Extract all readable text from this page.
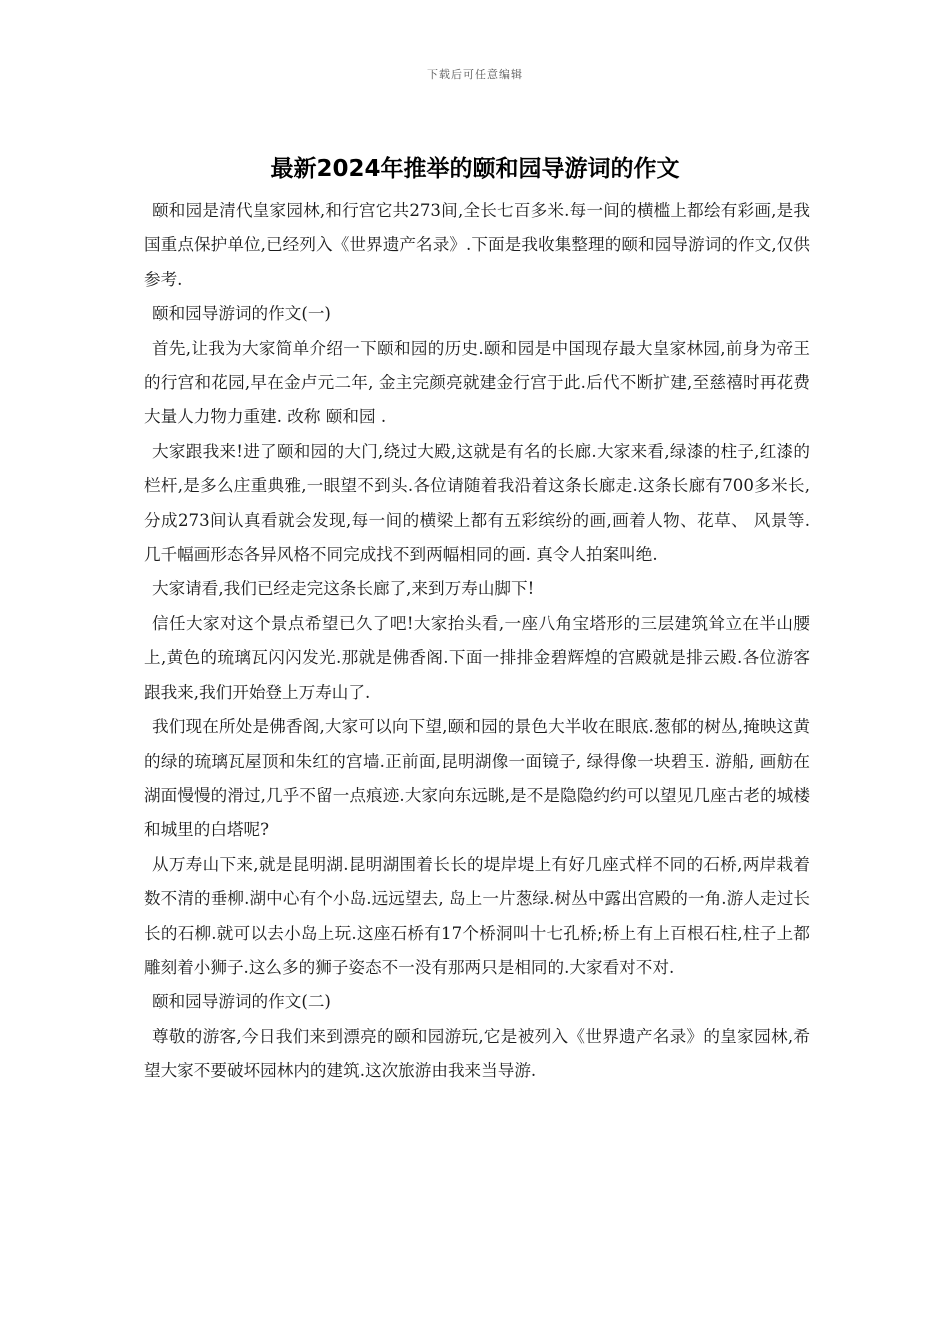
下载后可任意编辑
最新2024年推举的颐和园导游词的作文

颐和园是清代皇家园林,和行宫它共273间,全长七百多米.每一间的横槛上都绘有彩画,是我国重点保护单位,已经列入《世界遗产名录》.下面是我收集整理的颐和园导游词的作文,仅供参考.

颐和园导游词的作文(一)

首先,让我为大家简单介绍一下颐和园的历史.颐和园是中国现存最大皇家林园,前身为帝王的行宫和花园,早在金卢元二年, 金主完颜亮就建金行宫于此.后代不断扩建,至慈禧时再花费大量人力物力重建. 改称 颐和园 .

大家跟我来!进了颐和园的大门,绕过大殿,这就是有名的长廊.大家来看,绿漆的柱子,红漆的栏杆,是多么庄重典雅,一眼望不到头.各位请随着我沿着这条长廊走.这条长廊有700多米长,分成273间认真看就会发现,每一间的横梁上都有五彩缤纷的画,画着人物、花草、 风景等. 几千幅画形态各异风格不同完成找不到两幅相同的画. 真令人拍案叫绝.

大家请看,我们已经走完这条长廊了,来到万寿山脚下!

信任大家对这个景点希望已久了吧!大家抬头看,一座八角宝塔形的三层建筑耸立在半山腰上,黄色的琉璃瓦闪闪发光.那就是佛香阁.下面一排排金碧辉煌的宫殿就是排云殿.各位游客跟我来,我们开始登上万寿山了.

我们现在所处是佛香阁,大家可以向下望,颐和园的景色大半收在眼底.葱郁的树丛,掩映这黄的绿的琉璃瓦屋顶和朱红的宫墙.正前面,昆明湖像一面镜子, 绿得像一块碧玉. 游船, 画舫在湖面慢慢的滑过,几乎不留一点痕迹.大家向东远眺,是不是隐隐约约可以望见几座古老的城楼和城里的白塔呢?

从万寿山下来,就是昆明湖.昆明湖围着长长的堤岸堤上有好几座式样不同的石桥,两岸栽着数不清的垂柳.湖中心有个小岛.远远望去, 岛上一片葱绿.树丛中露出宫殿的一角.游人走过长长的石柳.就可以去小岛上玩.这座石桥有17个桥洞叫十七孔桥;桥上有上百根石柱,柱子上都雕刻着小狮子.这么多的狮子姿态不一没有那两只是相同的.大家看对不对.

颐和园导游词的作文(二)

尊敬的游客,今日我们来到漂亮的颐和园游玩,它是被列入《世界遗产名录》的皇家园林,希望大家不要破坏园林内的建筑.这次旅游由我来当导游.
